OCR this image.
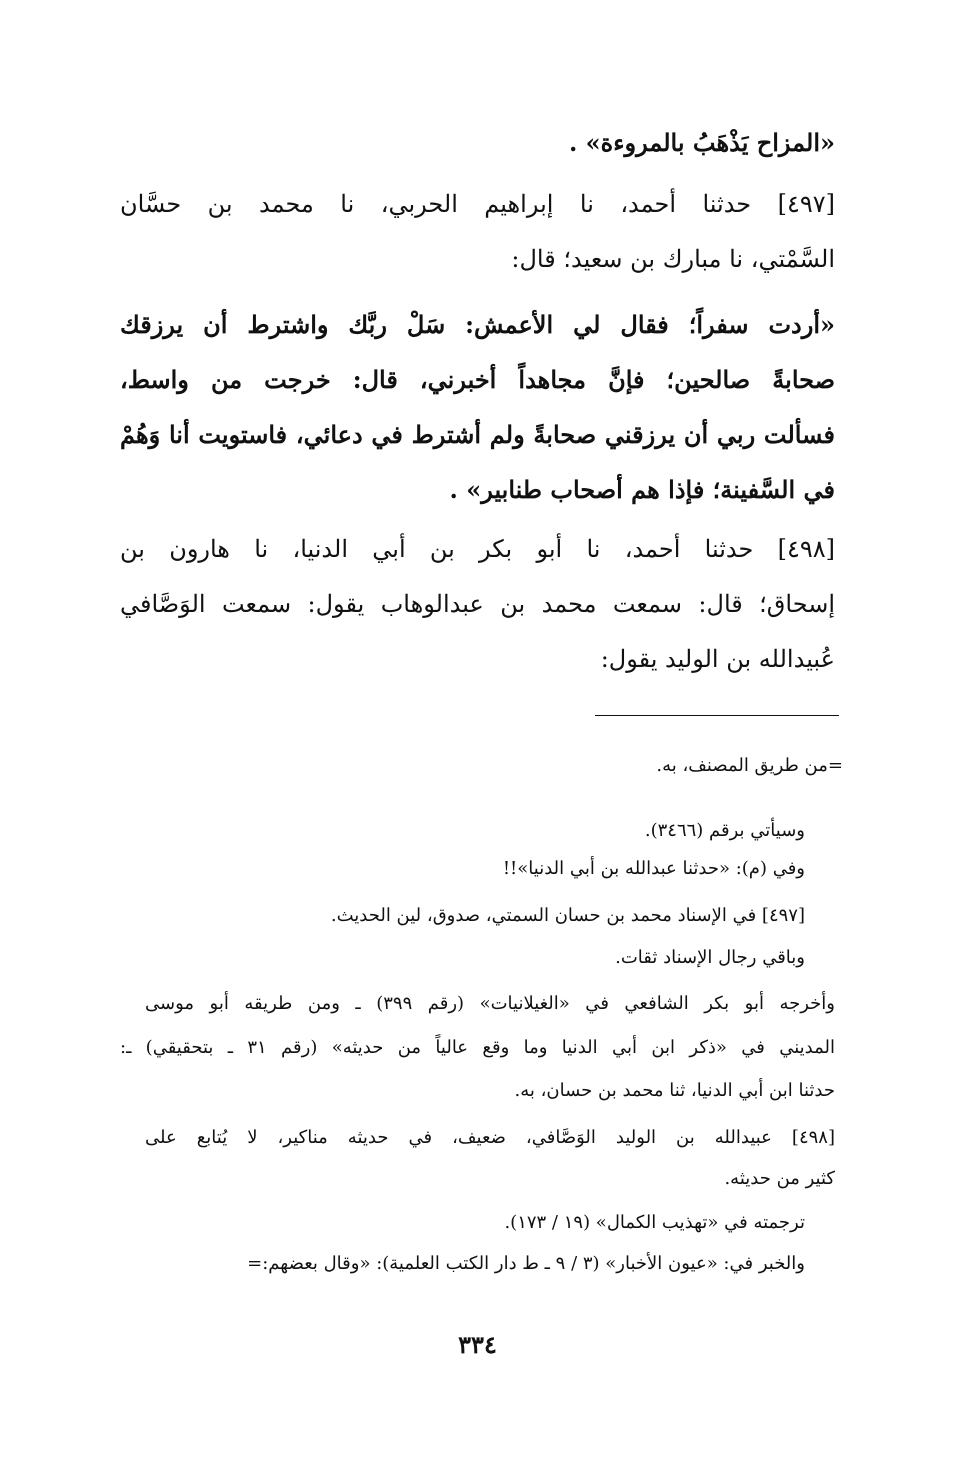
«المزاح يَذْهَبُ بالمروءة» .
[٤٩٧] حدثنا أحمد، نا إبراهيم الحربي، نا محمد بن حسَّان
السَّمْتي، نا مبارك بن سعيد؛ قال:
«أردت سفراً؛ فقال لي الأعمش: سَلْ ربَّك واشترط أن يرزقك
صحابةً صالحين؛ فإنَّ مجاهداً أخبرني، قال: خرجت من واسط،
فسألت ربي أن يرزقني صحابةً ولم أشترط في دعائي، فاستويت أنا وَهُمْ
في السَّفينة؛ فإذا هم أصحاب طنابير» .
[٤٩٨] حدثنا أحمد، نا أبو بكر بن أبي الدنيا، نا هارون بن
إسحاق؛ قال: سمعت محمد بن عبدالوهاب يقول: سمعت الوَصَّافي
عُبيدالله بن الوليد يقول:
=من طريق المصنف، به.
وسيأتي برقم (٣٤٦٦).
وفي (م): «حدثنا عبدالله بن أبي الدنيا»!!
[٤٩٧] في الإسناد محمد بن حسان السمتي، صدوق، لين الحديث.
وباقي رجال الإسناد ثقات.
وأخرجه أبو بكر الشافعي في «الغيلانيات» (رقم ٣٩٩) ـ ومن طريقه أبو موسى
المديني في «ذكر ابن أبي الدنيا وما وقع عالياً من حديثه» (رقم ٣١ ـ بتحقيقي) ـ:
حدثنا ابن أبي الدنيا، ثنا محمد بن حسان، به.
[٤٩٨] عبيدالله بن الوليد الوَصَّافي، ضعيف، في حديثه مناكير، لا يُتابع على
كثير من حديثه.
ترجمته في «تهذيب الكمال» (١٩ / ١٧٣).
والخبر في: «عيون الأخبار» (٣ / ٩ ـ ط دار الكتب العلمية): «وقال بعضهم:=
٣٣٤
